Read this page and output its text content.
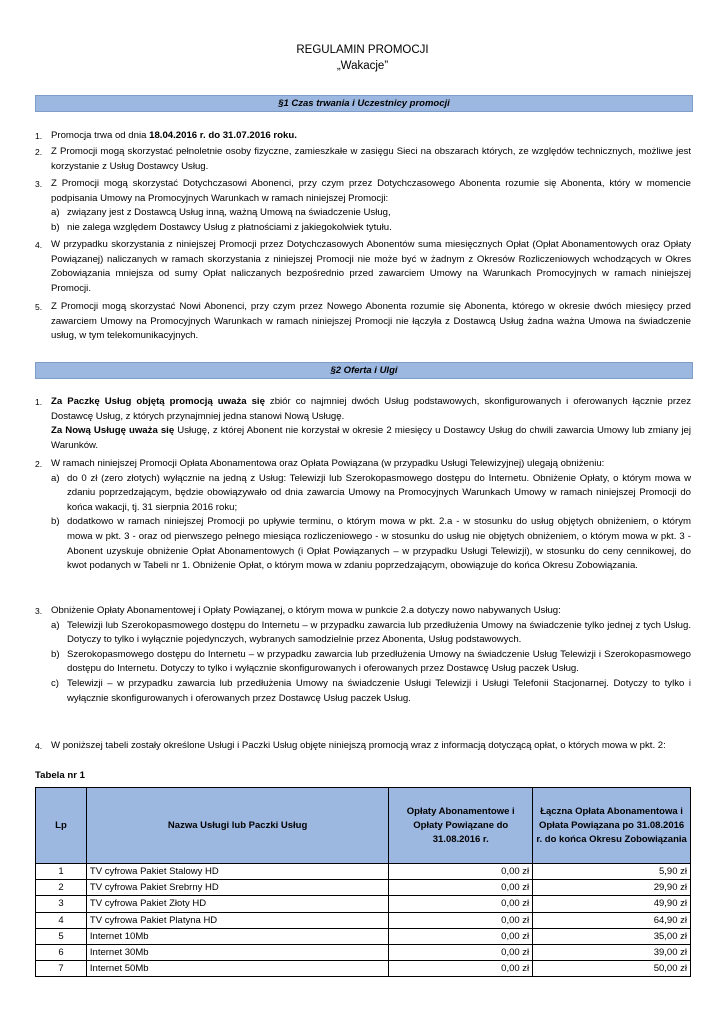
REGULAMIN PROMOCJI
„Wakacje”
§1 Czas trwania i Uczestnicy promocji
1. Promocja trwa od dnia 18.04.2016 r. do 31.07.2016 roku.
2. Z Promocji mogą skorzystać pełnoletnie osoby fizyczne, zamieszkałe w zasięgu Sieci na obszarach których, ze względów technicznych, możliwe jest korzystanie z Usług Dostawcy Usług.
3. Z Promocji mogą skorzystać Dotychczasowi Abonenci, przy czym przez Dotychczasowego Abonenta rozumie się Abonenta, który w momencie podpisania Umowy na Promocyjnych Warunkach w ramach niniejszej Promocji:
a) związany jest z Dostawcą Usług inną, ważną Umową na świadczenie Usług,
b) nie zalega względem Dostawcy Usług z płatnościami z jakiegokolwiek tytułu.
4. W przypadku skorzystania z niniejszej Promocji przez Dotychczasowych Abonentów suma miesięcznych Opłat (Opłat Abonamentowych oraz Opłaty Powiązanej) naliczanych w ramach skorzystania z niniejszej Promocji nie może być w żadnym z Okresów Rozliczeniowych wchodzących w Okres Zobowiązania mniejsza od sumy Opłat naliczanych bezpośrednio przed zawarciem Umowy na Warunkach Promocyjnych w ramach niniejszej Promocji.
5. Z Promocji mogą skorzystać Nowi Abonenci, przy czym przez Nowego Abonenta rozumie się Abonenta, którego w okresie dwóch miesięcy przed zawarciem Umowy na Promocyjnych Warunkach w ramach niniejszej Promocji nie łączyła z Dostawcą Usług żadna ważna Umowa na świadczenie usług, w tym telekomunikacyjnych.
§2 Oferta i Ulgi
1. Za Paczkę Usług objętą promocją uważa się zbiór co najmniej dwóch Usług podstawowych, skonfigurowanych i oferowanych łącznie przez Dostawcę Usług, z których przynajmniej jedna stanowi Nową Usługę.
Za Nową Usługę uważa się Usługę, z której Abonent nie korzystał w okresie 2 miesięcy u Dostawcy Usług do chwili zawarcia Umowy lub zmiany jej Warunków.
2. W ramach niniejszej Promocji Opłata Abonamentowa oraz Opłata Powiązana (w przypadku Usługi Telewizyjnej) ulegają obniżeniu:
a) do 0 zł (zero złotych) wyłącznie na jedną z Usług: Telewizji lub Szerokopasmowego dostępu do Internetu. Obniżenie Opłaty, o którym mowa w zdaniu poprzedzającym, będzie obowiązywało od dnia zawarcia Umowy na Promocyjnych Warunkach Umowy w ramach niniejszej Promocji do końca wakacji, tj. 31 sierpnia 2016 roku;
b) dodatkowo w ramach niniejszej Promocji po upływie terminu, o którym mowa w pkt. 2.a - w stosunku do usług objętych obniżeniem, o którym mowa w pkt. 3 - oraz od pierwszego pełnego miesiąca rozliczeniowego - w stosunku do usług nie objętych obniżeniem, o którym mowa w pkt. 3 - Abonent uzyskuje obniżenie Opłat Abonamentowych (i Opłat Powiązanych – w przypadku Usługi Telewizji), w stosunku do ceny cennikowej, do kwot podanych w Tabeli nr 1. Obniżenie Opłat, o którym mowa w zdaniu poprzedzającym, obowiązuje do końca Okresu Zobowiązania.
3. Obniżenie Opłaty Abonamentowej i Opłaty Powiązanej, o którym mowa w punkcie 2.a dotyczy nowo nabywanych Usług:
a) Telewizji lub Szerokopasmowego dostępu do Internetu – w przypadku zawarcia lub przedłużenia Umowy na świadczenie tylko jednej z tych Usług. Dotyczy to tylko i wyłącznie pojedynczych, wybranych samodzielnie przez Abonenta, Usług podstawowych.
b) Szerokopasmowego dostępu do Internetu – w przypadku zawarcia lub przedłużenia Umowy na świadczenie Usług Telewizji i Szerokopasmowego dostępu do Internetu. Dotyczy to tylko i wyłącznie skonfigurowanych i oferowanych przez Dostawcę Usług paczek Usług.
c) Telewizji – w przypadku zawarcia lub przedłużenia Umowy na świadczenie Usługi Telewizji i Usługi Telefonii Stacjonarnej. Dotyczy to tylko i wyłącznie skonfigurowanych i oferowanych przez Dostawcę Usług paczek Usług.
4. W poniższej tabeli zostały określone Usługi i Paczki Usług objęte niniejszą promocją wraz z informacją dotyczącą opłat, o których mowa w pkt. 2:
Tabela nr 1
Lp	Nazwa Usługi lub Paczki Usług	Opłaty Abonamentowe i Opłaty Powiązane do 31.08.2016 r.	Łączna Opłata Abonamentowa i Opłata Powiązana po 31.08.2016 r. do końca Okresu Zobowiązania
1	TV cyfrowa Pakiet Stalowy HD	0,00 zł	5,90 zł
2	TV cyfrowa Pakiet Srebrny HD	0,00 zł	29,90 zł
3	TV cyfrowa Pakiet Złoty HD	0,00 zł	49,90 zł
4	TV cyfrowa Pakiet Platyna HD	0,00 zł	64,90 zł
5	Internet 10Mb	0,00 zł	35,00 zł
6	Internet 30Mb	0,00 zł	39,00 zł
7	Internet 50Mb	0,00 zł	50,00 zł
